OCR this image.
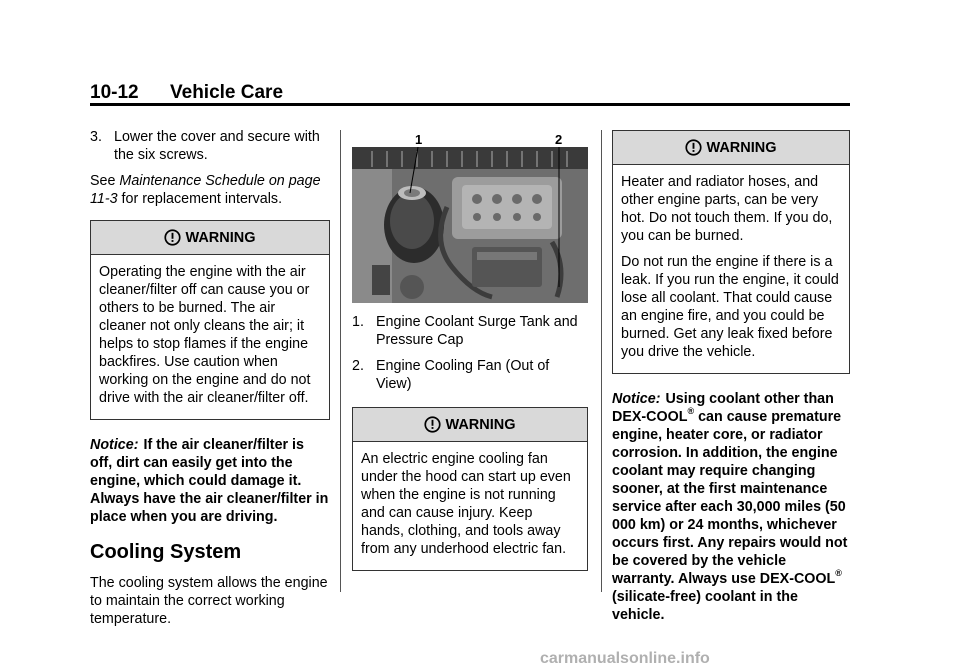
10-12 Vehicle Care

3. Lower the cover and secure with the six screws.

See Maintenance Schedule on page 11-3 for replacement intervals.

WARNING

Operating the engine with the air cleaner/filter off can cause you or others to be burned. The air cleaner not only cleans the air; it helps to stop flames if the engine backfires. Use caution when working on the engine and do not drive with the air cleaner/filter off.

Notice: If the air cleaner/filter is off, dirt can easily get into the engine, which could damage it. Always have the air cleaner/filter in place when you are driving.

Cooling System

The cooling system allows the engine to maintain the correct working temperature.

1	2

1. Engine Coolant Surge Tank and Pressure Cap

2. Engine Cooling Fan (Out of View)

WARNING

An electric engine cooling fan under the hood can start up even when the engine is not running and can cause injury. Keep hands, clothing, and tools away from any underhood electric fan.

WARNING

Heater and radiator hoses, and other engine parts, can be very hot. Do not touch them. If you do, you can be burned.

Do not run the engine if there is a leak. If you run the engine, it could lose all coolant. That could cause an engine fire, and you could be burned. Get any leak fixed before you drive the vehicle.

Notice: Using coolant other than DEX-COOL® can cause premature engine, heater core, or radiator corrosion. In addition, the engine coolant may require changing sooner, at the first maintenance service after each 30,000 miles (50 000 km) or 24 months, whichever occurs first. Any repairs would not be covered by the vehicle warranty. Always use DEX-COOL® (silicate-free) coolant in the vehicle.

carmanualsonline.info
